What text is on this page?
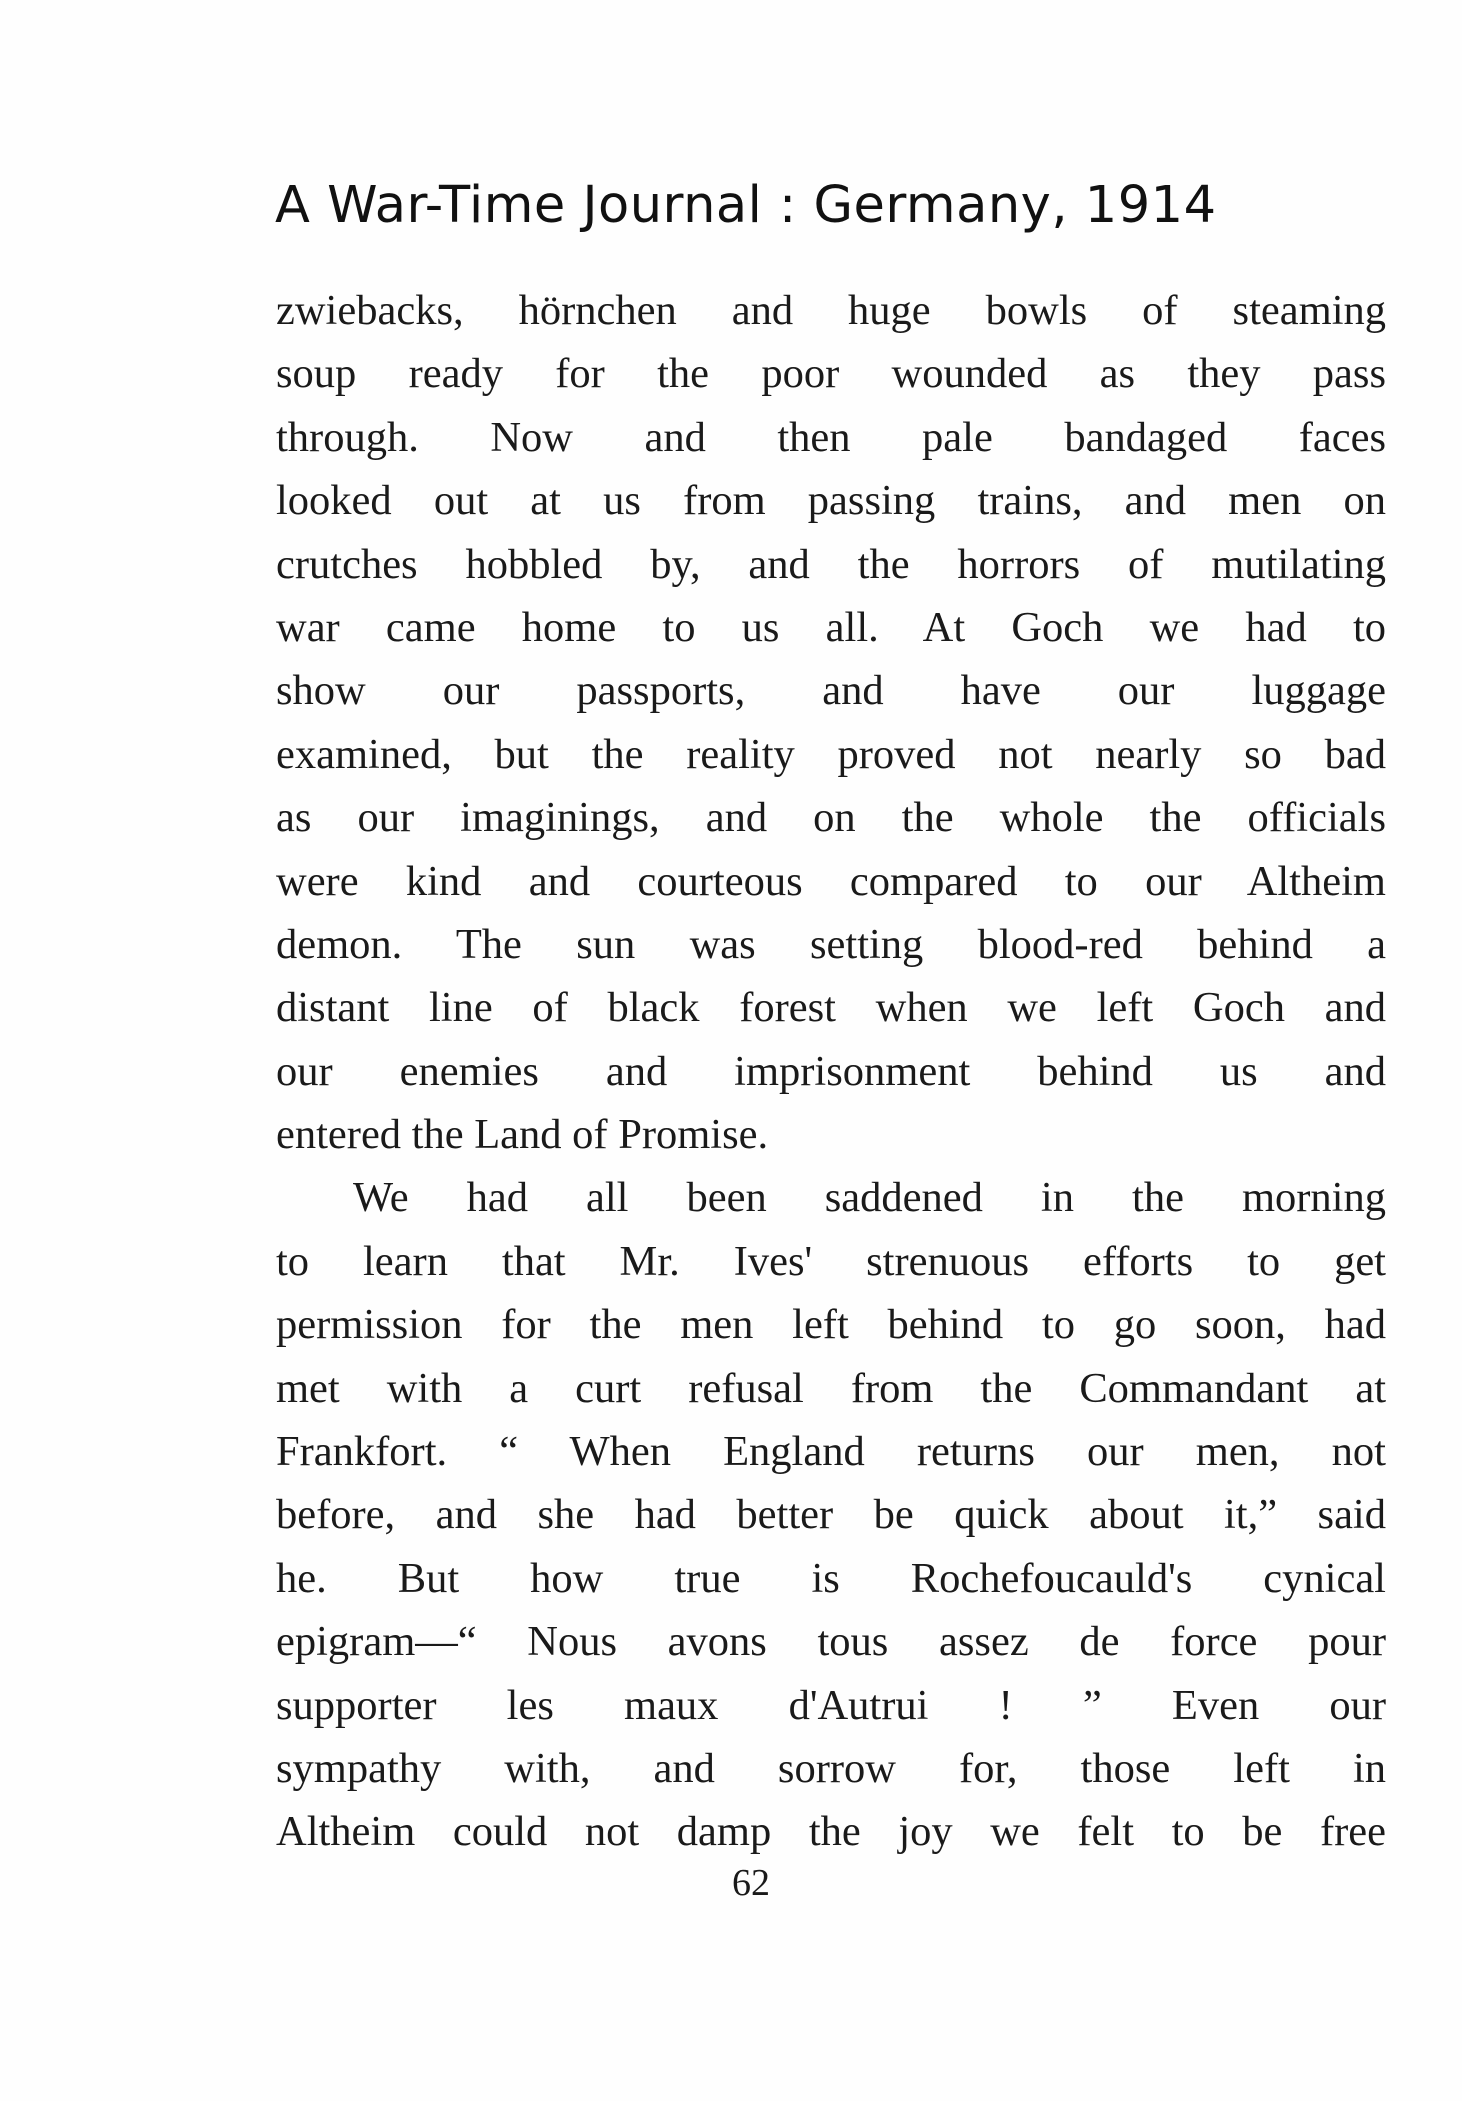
A War-Time Journal : Germany, 1914
zwiebacks, hörnchen and huge bowls of steaming
soup ready for the poor wounded as they pass
through. Now and then pale bandaged faces
looked out at us from passing trains, and men on
crutches hobbled by, and the horrors of mutilating
war came home to us all. At Goch we had to
show our passports, and have our luggage
examined, but the reality proved not nearly so bad
as our imaginings, and on the whole the officials
were kind and courteous compared to our Altheim
demon. The sun was setting blood-red behind a
distant line of black forest when we left Goch and
our enemies and imprisonment behind us and
entered the Land of Promise.
We had all been saddened in the morning
to learn that Mr. Ives' strenuous efforts to get
permission for the men left behind to go soon, had
met with a curt refusal from the Commandant at
Frankfort. “ When England returns our men, not
before, and she had better be quick about it,” said
he. But how true is Rochefoucauld's cynical
epigram—“ Nous avons tous assez de force pour
supporter les maux d'Autrui ! ” Even our
sympathy with, and sorrow for, those left in
Altheim could not damp the joy we felt to be free
62
